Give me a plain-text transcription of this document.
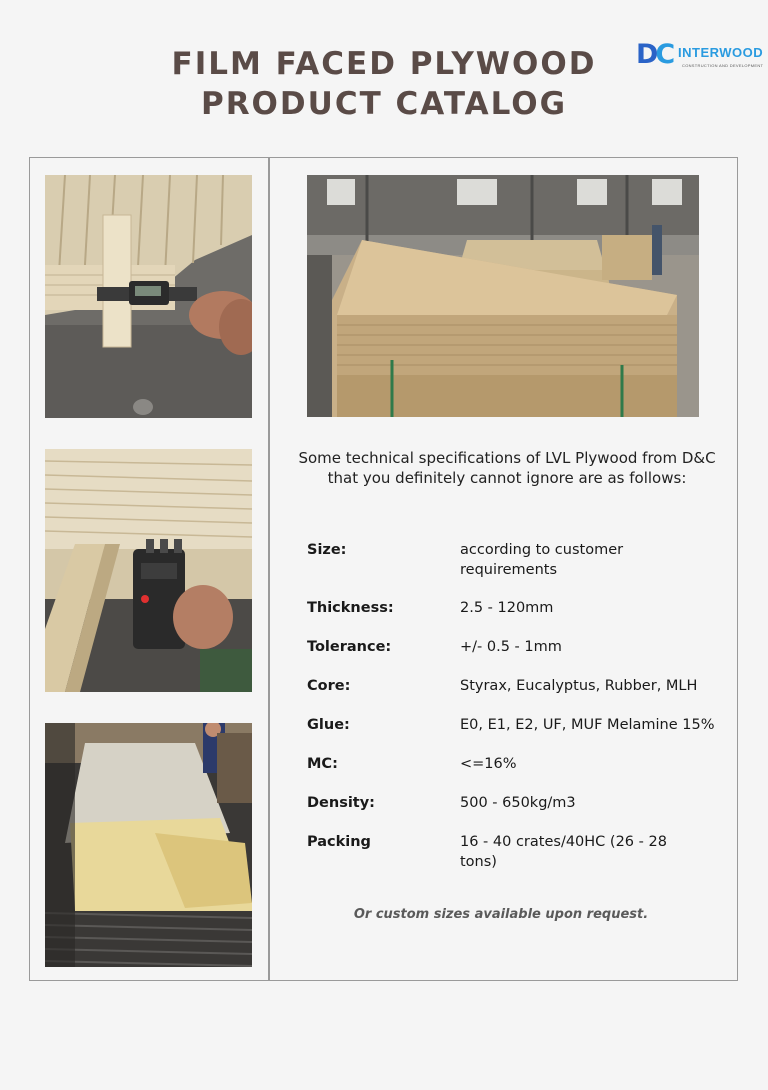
FILM FACED PLYWOOD
PRODUCT CATALOG
DC INTERWOOD
CONSTRUCTION AND DEVELOPMENT
Some technical specifications of LVL Plywood from D&C that you definitely cannot ignore are as follows:
Size:	according to customer requirements
Thickness:	2.5 - 120mm
Tolerance:	+/- 0.5 - 1mm
Core:	Styrax, Eucalyptus, Rubber, MLH
Glue:	E0, E1, E2, UF, MUF Melamine 15%
MC:	<=16%
Density:	500 - 650kg/m3
Packing	16 - 40 crates/40HC (26 - 28 tons)
Or custom sizes available upon request.
